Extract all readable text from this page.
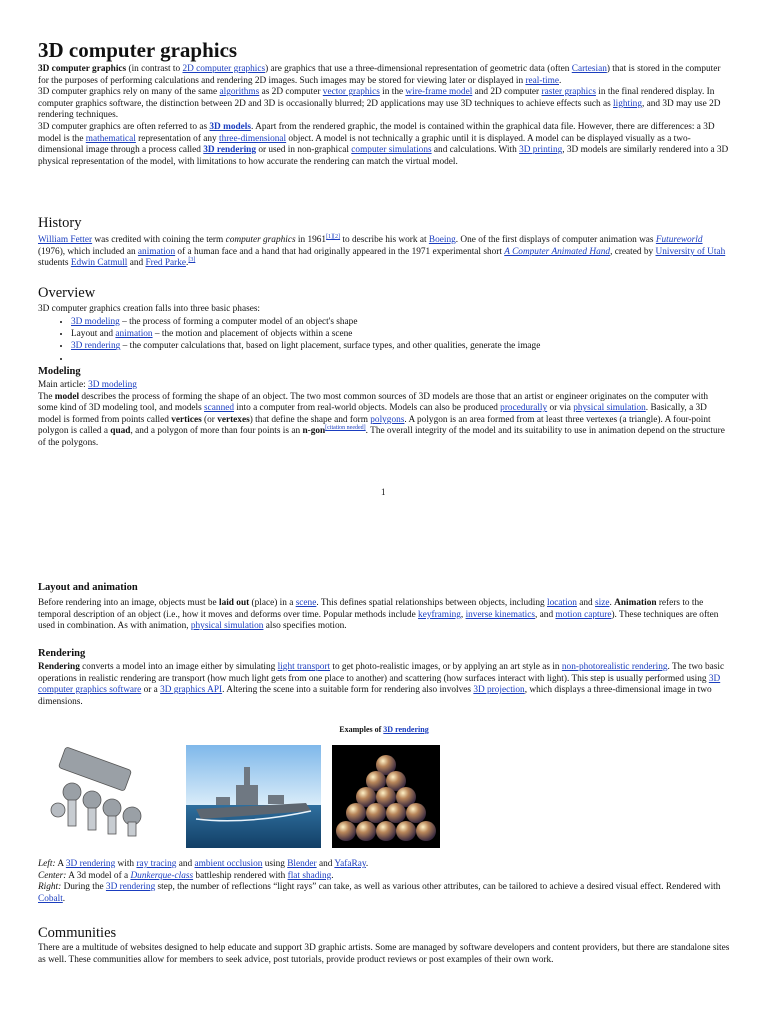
3D computer graphics

3D computer graphics (in contrast to 2D computer graphics) are graphics that use a three-dimensional representation of geometric data (often Cartesian) that is stored in the computer for the purposes of performing calculations and rendering 2D images. Such images may be stored for viewing later or displayed in real-time.

3D computer graphics rely on many of the same algorithms as 2D computer vector graphics in the wire-frame model and 2D computer raster graphics in the final rendered display. In computer graphics software, the distinction between 2D and 3D is occasionally blurred; 2D applications may use 3D techniques to achieve effects such as lighting, and 3D may use 2D rendering techniques.

3D computer graphics are often referred to as 3D models. Apart from the rendered graphic, the model is contained within the graphical data file. However, there are differences: a 3D model is the mathematical representation of any three-dimensional object. A model is not technically a graphic until it is displayed. A model can be displayed visually as a two-dimensional image through a process called 3D rendering or used in non-graphical computer simulations and calculations. With 3D printing, 3D models are similarly rendered into a 3D physical representation of the model, with limitations to how accurate the rendering can match the virtual model.

History

William Fetter was credited with coining the term computer graphics in 1961[1][2] to describe his work at Boeing. One of the first displays of computer animation was Futureworld (1976), which included an animation of a human face and a hand that had originally appeared in the 1971 experimental short A Computer Animated Hand, created by University of Utah students Edwin Catmull and Fred Parke.[3]

Overview

3D computer graphics creation falls into three basic phases:

• 3D modeling – the process of forming a computer model of an object's shape
• Layout and animation – the motion and placement of objects within a scene
• 3D rendering – the computer calculations that, based on light placement, surface types, and other qualities, generate the image
•
Modeling

Main article: 3D modeling

The model describes the process of forming the shape of an object. The two most common sources of 3D models are those that an artist or engineer originates on the computer with some kind of 3D modeling tool, and models scanned into a computer from real-world objects. Models can also be produced procedurally or via physical simulation. Basically, a 3D model is formed from points called vertices (or vertexes) that define the shape and form polygons. A polygon is an area formed from at least three vertexes (a triangle). A four-point polygon is called a quad, and a polygon of more than four points is an n-gon[citation needed]. The overall integrity of the model and its suitability to use in animation depend on the structure of the polygons.

1
Layout and animation

Before rendering into an image, objects must be laid out (place) in a scene. This defines spatial relationships between objects, including location and size. Animation refers to the temporal description of an object (i.e., how it moves and deforms over time. Popular methods include keyframing, inverse kinematics, and motion capture). These techniques are often used in combination. As with animation, physical simulation also specifies motion.

Rendering

Rendering converts a model into an image either by simulating light transport to get photo-realistic images, or by applying an art style as in non-photorealistic rendering. The two basic operations in realistic rendering are transport (how much light gets from one place to another) and scattering (how surfaces interact with light). This step is usually performed using 3D computer graphics software or a 3D graphics API. Altering the scene into a suitable form for rendering also involves 3D projection, which displays a three-dimensional image in two dimensions.

Examples of 3D rendering

Left: A 3D rendering with ray tracing and ambient occlusion using Blender and YafaRay.

Center: A 3d model of a Dunkerque-class battleship rendered with flat shading.

Right: During the 3D rendering step, the number of reflections “light rays” can take, as well as various other attributes, can be tailored to achieve a desired visual effect. Rendered with Cobalt.

Communities

There are a multitude of websites designed to help educate and support 3D graphic artists. Some are managed by software developers and content providers, but there are standalone sites as well. These communities allow for members to seek advice, post tutorials, provide product reviews or post examples of their own work.
